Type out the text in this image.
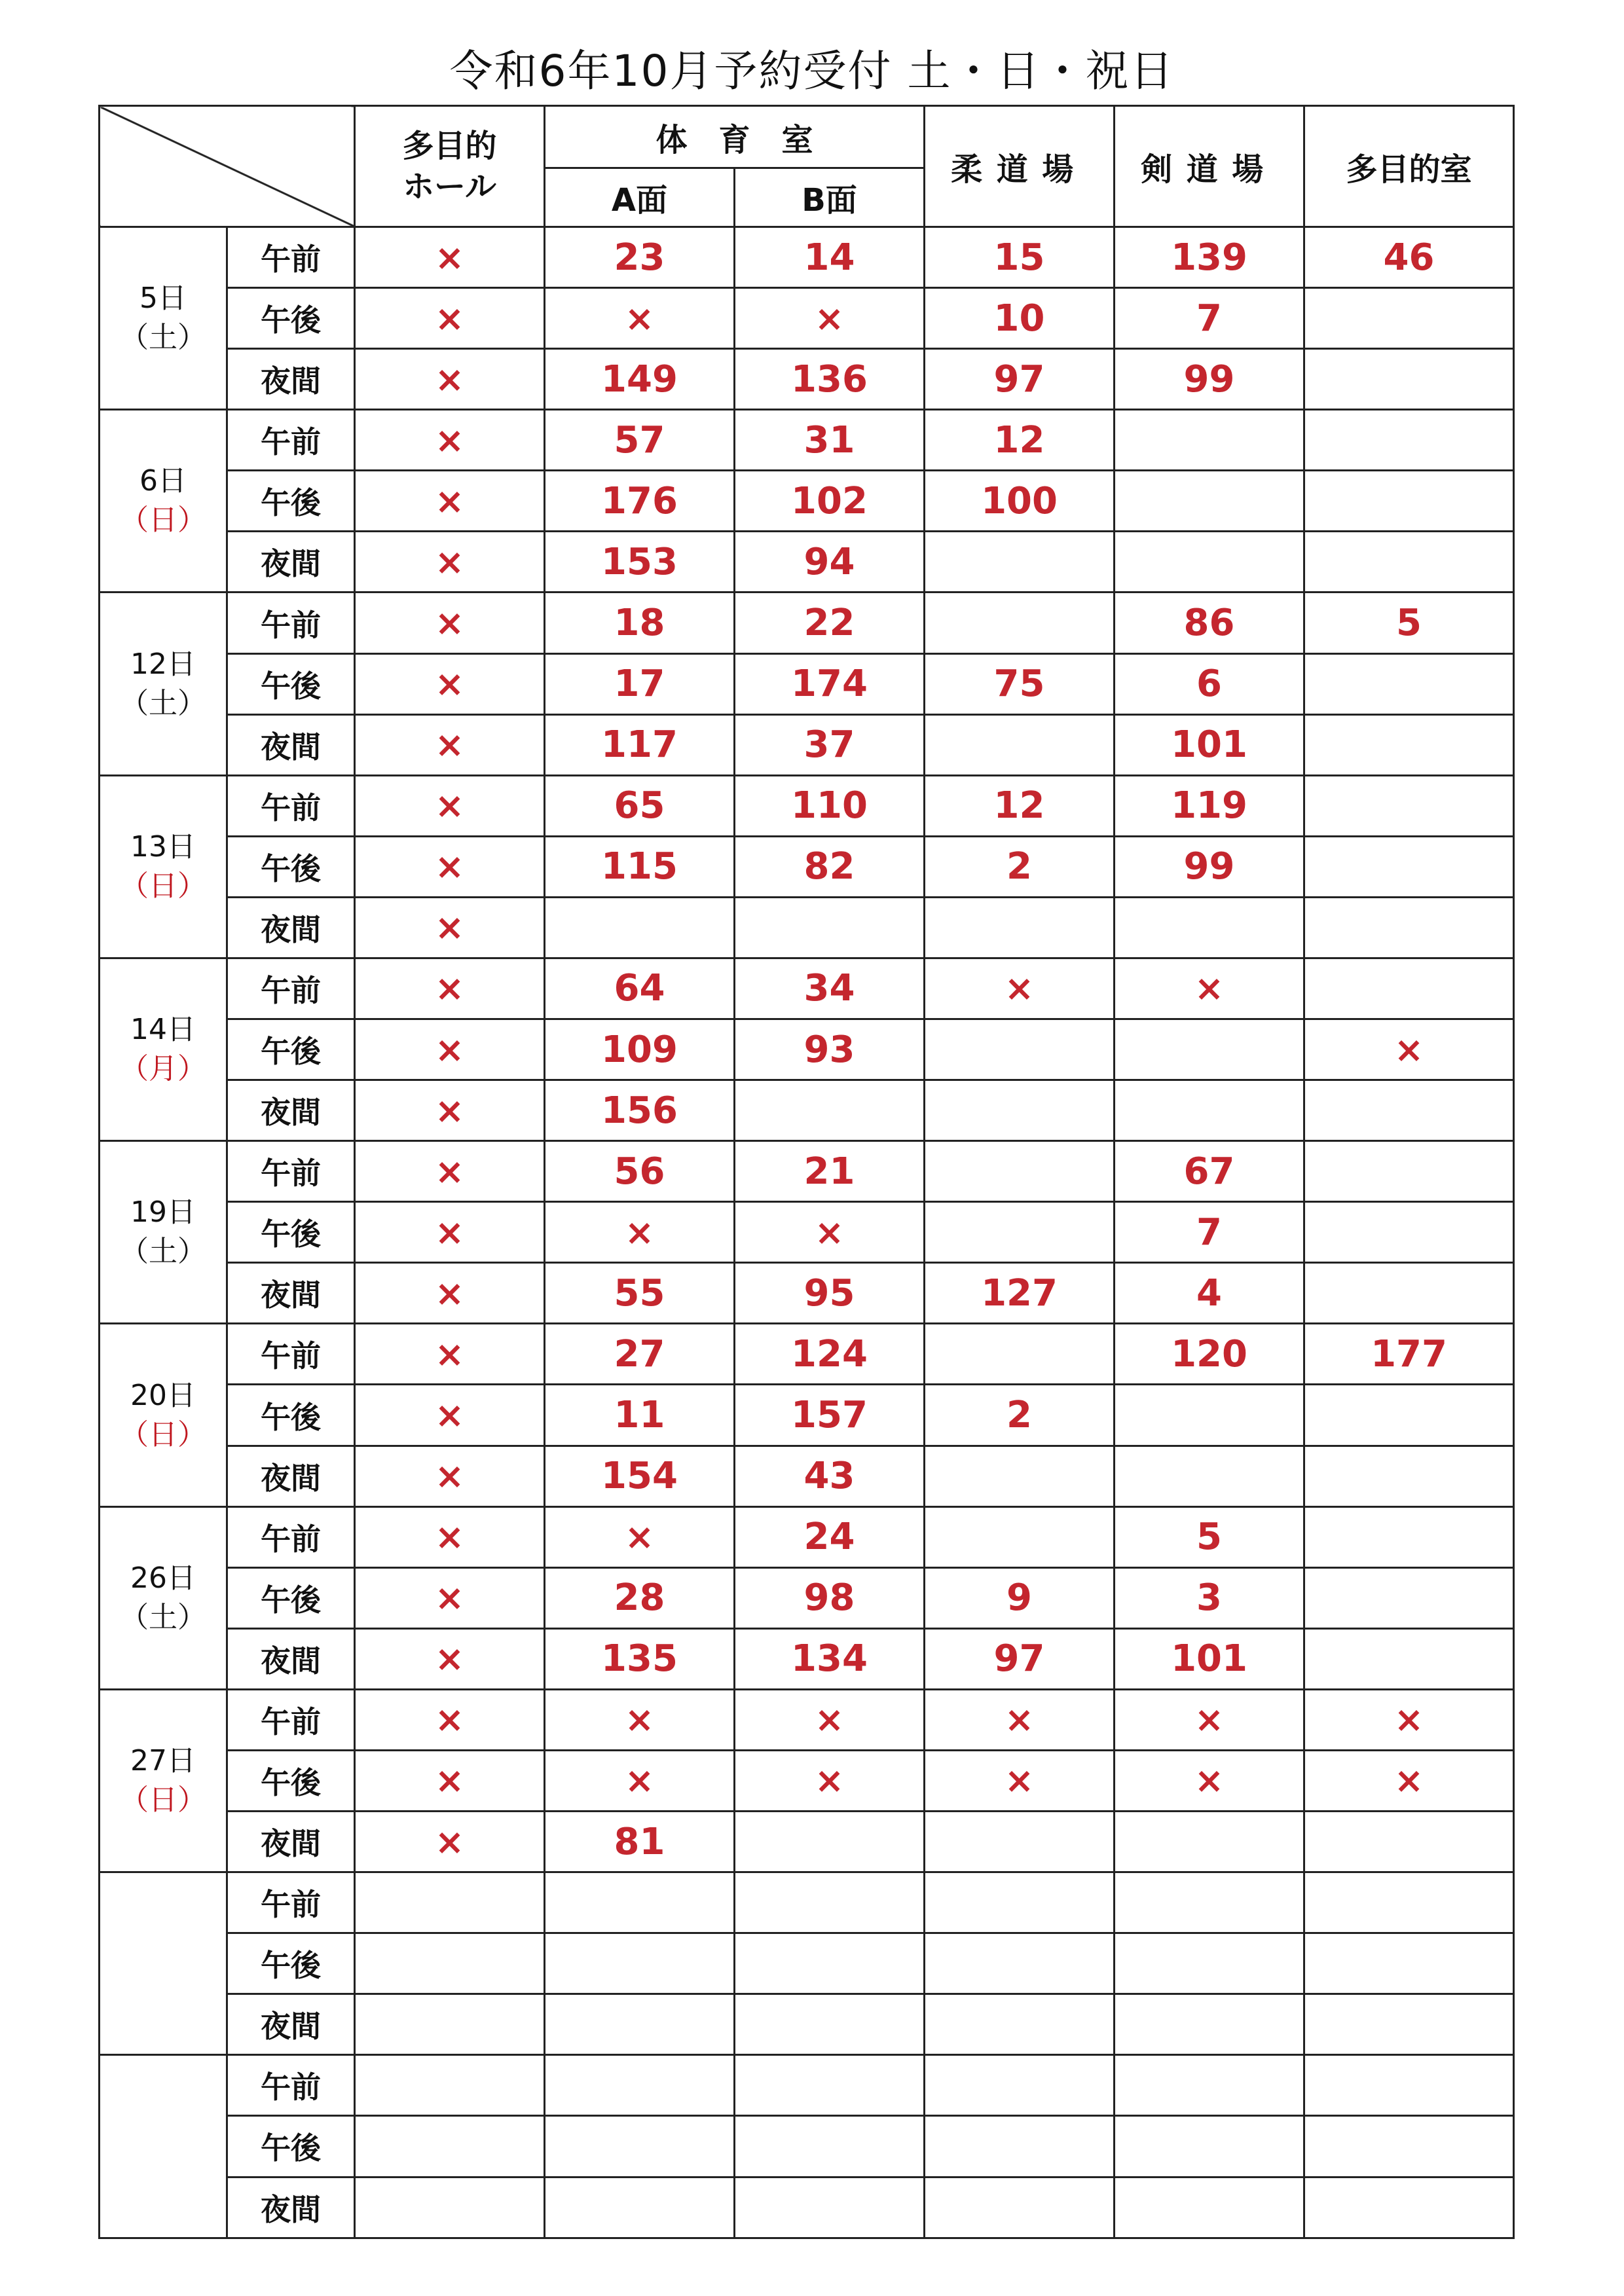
令和6年10月予約受付 土・日・祝日
		多目的
ホール	体　育　室		柔道場	剣道場	多目的室
			A面	B面			

5日
（土）	午前	×	23	14	15	139	46
	午後	×	×	×	10	7	
	夜間	×	149	136	97	99	

6日
（日）	午前	×	57	31	12		
	午後	×	176	102	100		
	夜間	×	153	94			

12日
（土）	午前	×	18	22		86	5
	午後	×	17	174	75	6	
	夜間	×	117	37		101	

13日
（日）	午前	×	65	110	12	119	
	午後	×	115	82	2	99	
	夜間	×					

14日
（月）	午前	×	64	34	×	×	
	午後	×	109	93			×
	夜間	×	156				

19日
（土）	午前	×	56	21		67	
	午後	×	×	×		7	
	夜間	×	55	95	127	4	

20日
（日）	午前	×	27	124		120	177
	午後	×	11	157	2		
	夜間	×	154	43			

26日
（土）	午前	×	×	24		5	
	午後	×	28	98	9	3	
	夜間	×	135	134	97	101	

27日
（日）	午前	×	×	×	×	×	×
	午後	×	×	×	×	×	×
	夜間	×	81				

	午前						
	午後						
	夜間						

	午前						
	午後						
	夜間						
